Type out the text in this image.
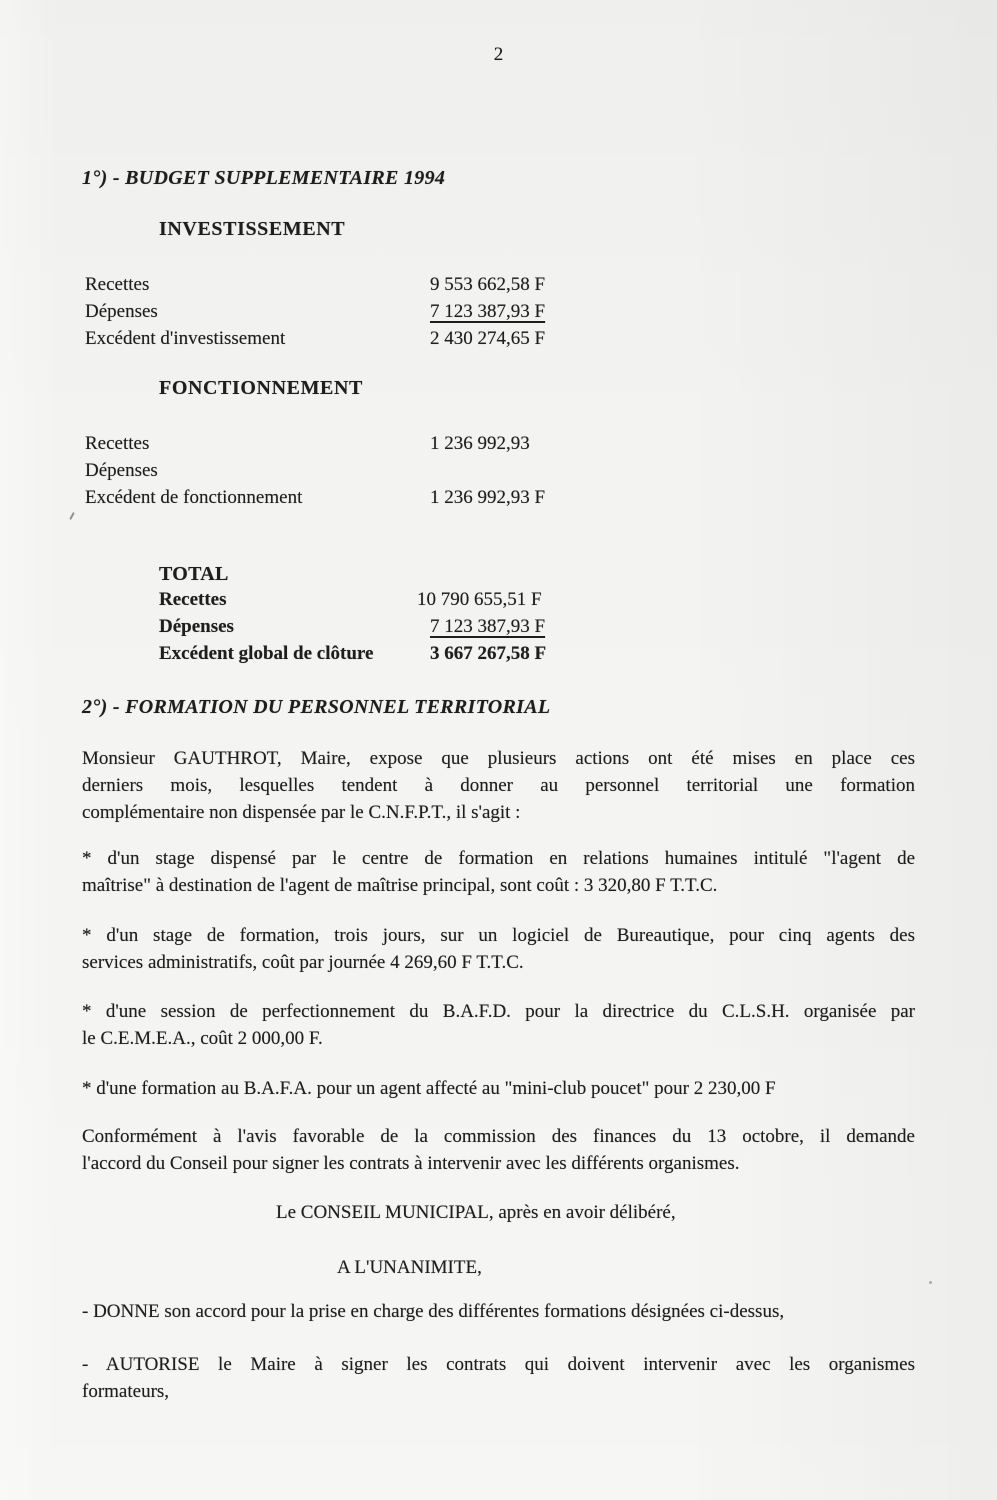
2
1°) - BUDGET SUPPLEMENTAIRE 1994
INVESTISSEMENT
Recettes	9 553 662,58 F
Dépenses	7 123 387,93 F
Excédent d'investissement	2 430 274,65 F
FONCTIONNEMENT
Recettes	1 236 992,93
Dépenses
Excédent de fonctionnement	1 236 992,93 F
TOTAL
Recettes	10 790 655,51 F
Dépenses	7 123 387,93 F
Excédent global de clôture	3 667 267,58 F
2°) - FORMATION DU PERSONNEL TERRITORIAL
Monsieur GAUTHROT, Maire, expose que plusieurs actions ont été mises en place ces
derniers mois, lesquelles tendent à donner au personnel territorial une formation
complémentaire non dispensée par le C.N.F.P.T., il s'agit :
* d'un stage dispensé par le centre de formation en relations humaines intitulé "l'agent de
maîtrise" à destination de l'agent de maîtrise principal, sont coût : 3 320,80 F T.T.C.
* d'un stage de formation, trois jours, sur un logiciel de Bureautique, pour cinq agents des
services administratifs, coût par journée 4 269,60 F T.T.C.
* d'une session de perfectionnement du B.A.F.D. pour la directrice du C.L.S.H. organisée par
le C.E.M.E.A., coût 2 000,00 F.
* d'une formation au B.A.F.A. pour un agent affecté au "mini-club poucet" pour 2 230,00 F
Conformément à l'avis favorable de la commission des finances du 13 octobre, il demande
l'accord du Conseil pour signer les contrats à intervenir avec les différents organismes.
Le CONSEIL MUNICIPAL, après en avoir délibéré,
A L'UNANIMITE,
- DONNE son accord pour la prise en charge des différentes formations désignées ci-dessus,
- AUTORISE le Maire à signer les contrats qui doivent intervenir avec les organismes
formateurs,
